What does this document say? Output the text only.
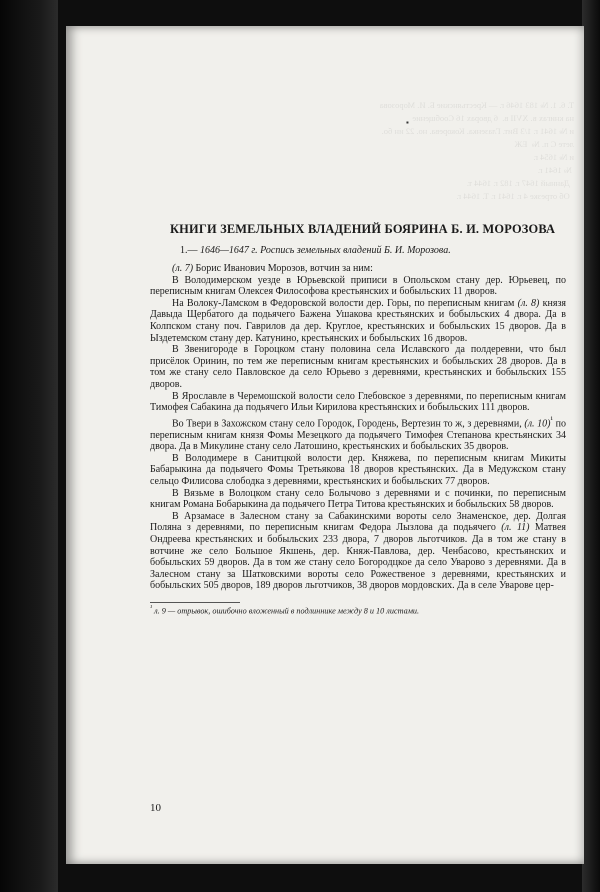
Т. 6. 1. № 183 1646 г. — Крестьянские Б. И. Морозова
на книгах в. XVII в.  6 дворах 16 Сообщение
и № 1641 г. 1/3 Вит. Глазенка. Кокорева. но. 22 ин бо.
лете С п. №  ЕЖ
и № 1654 г.
№ 1641 г.
Данный 1647 г. 182 г. 1644 т.
Об отрезке 4 г. 1641 г. Т. 1644 г.

▪
КНИГИ ЗЕМЕЛЬНЫХ ВЛАДЕНИЙ БОЯРИНА Б. И. МОРОЗОВА

1.— 1646—1647 г. Роспись земельных владений Б. И. Морозова.

(л. 7) Борис Иванович Морозов, вотчин за ним:

В Володимерском уезде в Юрьевской приписи в Опольском стану дер. Юрьевец, по переписным книгам Олексея Философова крестьянских и бобыльских 11 дворов.

На Волоку-Ламском в Федоровской волости дер. Горы, по переписным книгам (л. 8) князя Давыда Щербатого да подьячего Бажена Ушакова крестьянских и бобыльских 4 двора. Да в Колпском стану поч. Гаврилов да дер. Круглое, крестьянских и бобыльских 15 дворов. Да в Ыздетемском стану дер. Катунино, крестьянских и бобыльских 16 дворов.

В Звенигороде в Гороцком стану половина села Иславского да полдеревни, что был присёлок Оринин, по тем же переписным книгам крестьянских и бобыльских 28 дворов. Да в том же стану село Павловское да село Юрьево з деревнями, крестьянских и бобыльских 155 дворов.

В Ярославле в Черемошской волости село Глебовское з деревнями, по переписным книгам Тимофея Сабакина да подьячего Ильи Кирилова крестьянских и бобыльских 111 дворов.

Во Твери в Захожском стану село Городок, Городень, Вертезин то ж, з деревнями, (л. 10)$^{^1}$ по переписным книгам князя Фомы Мезецкого да подьячего Тимофея Степанова крестьянских 34 двора. Да в Микулине стану село Латошино, крестьянских и бобыльских 35 дворов.

В Володимере в Санитцкой волости дер. Княжева, по переписным книгам Микиты Бабарыкина да подьячего Фомы Третьякова 18 дворов крестьянских. Да в Медужском стану сельцо Филисова слободка з деревнями, крестьянских и бобыльских 77 дворов.

В Вязьме в Волоцком стану село Болычово з деревнями и с починки, по переписным книгам Романа Бобарыкина да подьячего Петра Титова крестьянских и бобыльских 58 дворов.

В Арзамасе в Залесном стану за Сабакинскими вороты село Знаменское, дер. Долгая Поляна з деревнями, по переписным книгам Федора Лызлова да подьячего (л. 11) Матвея Ондреева крестьянских и бобыльских 233 двора, 7 дворов льготчиков. Да в том же стану в вотчине же село Большое Якшень, дер. Княж-Павлова, дер. Ченбасово, крестьянских и бобыльских 59 дворов. Да в том же стану село Богородцкое да село Уварово з деревнями. Да в Залесном стану за Шатковскими вороты село Рожественое з деревнями, крестьянских и бобыльских 505 дворов, 189 дворов льготчиков, 38 дворов мордовских. Да в селе Уварове цер-

$^{^1}$ л. 9 — отрывок, ошибочно вложенный в подлиннике между 8 и 10 листами.

10
